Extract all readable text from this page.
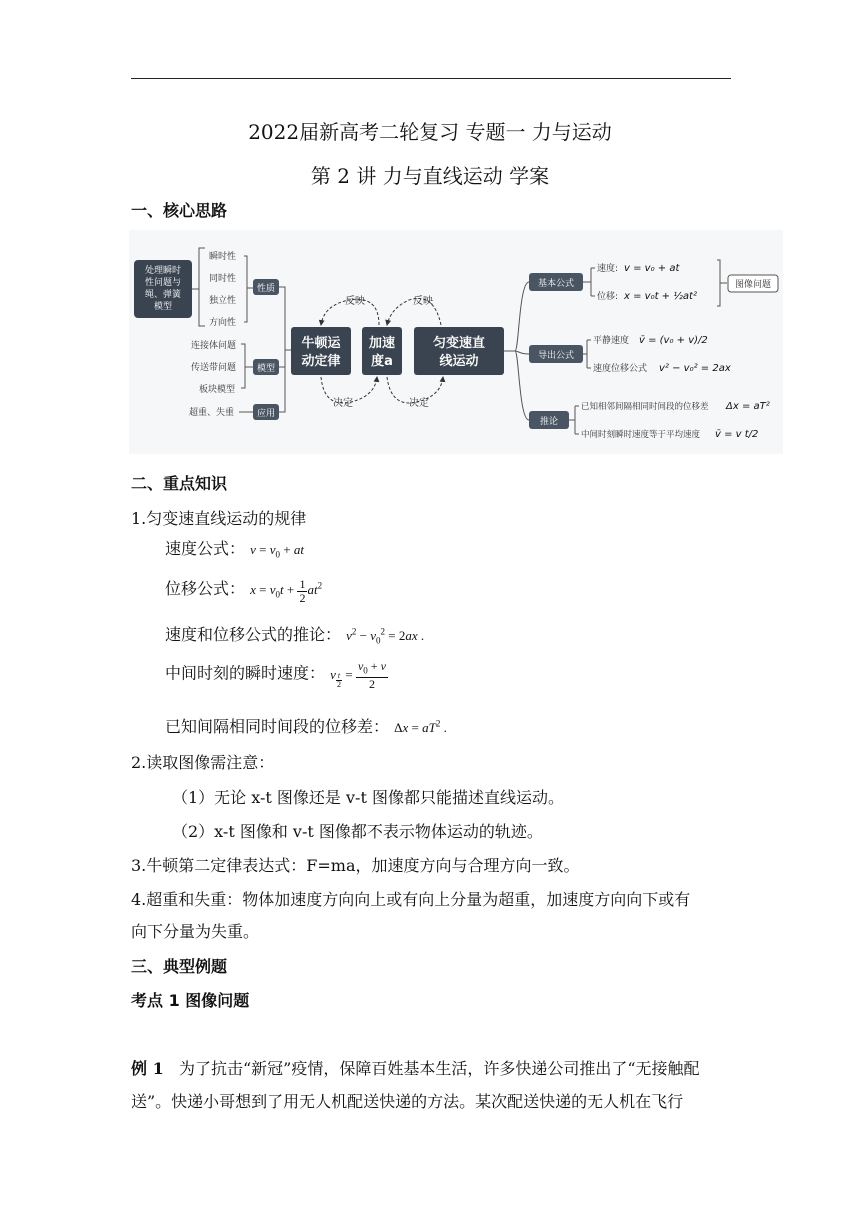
2022届新高考二轮复习 专题一 力与运动
第 2 讲 力与直线运动 学案
一、核心思路
处理瞬时
性问题与
绳、弹簧
模型
瞬时性
同时性
独立性
方向性
性质
连接体问题
传送带问题
板块模型
模型
超重、失重	应用
牛顿运
动定律
加速
度a
匀变速直
线运动
反映	反映
决定	决定
基本公式
导出公式
推论
速度: v = v₀ + at
位移: x = v₀t + ½at²
图像问题
平静速度 v̄ = (v₀ + v)/2
速度位移公式 v² − v₀² = 2ax
已知相邻间隔相同时间段的位移差 Δx = aT²
中间时刻瞬时速度等于平均速度 v̄ = v t/2
二、重点知识
1.匀变速直线运动的规律
速度公式： $v = v_0$ + at
位移公式： $x = v_0t + \frac{1}{2} at^2$
速度和位移公式的推论： $v^2 - v_0^2 = 2ax$ .
中间时刻的瞬时速度： v $_{\frac{t}{2}} = \frac{v_0 + v}{2}$
已知间隔相同时间段的位移差： $\Delta x = aT^2$ .
2.读取图像需注意：
（1）无论 x-t 图像还是 v-t 图像都只能描述直线运动。
（2）x-t 图像和 v-t 图像都不表示物体运动的轨迹。
3.牛顿第二定律表达式：F=ma，加速度方向与合理方向一致。
4.超重和失重：物体加速度方向向上或有向上分量为超重，加速度方向向下或有
向下分量为失重。
三、典型例题
考点 1 图像问题
例 1 为了抗击“新冠”疫情，保障百姓基本生活，许多快递公司推出了“无接触配
送”。快递小哥想到了用无人机配送快递的方法。某次配送快递的无人机在飞行
